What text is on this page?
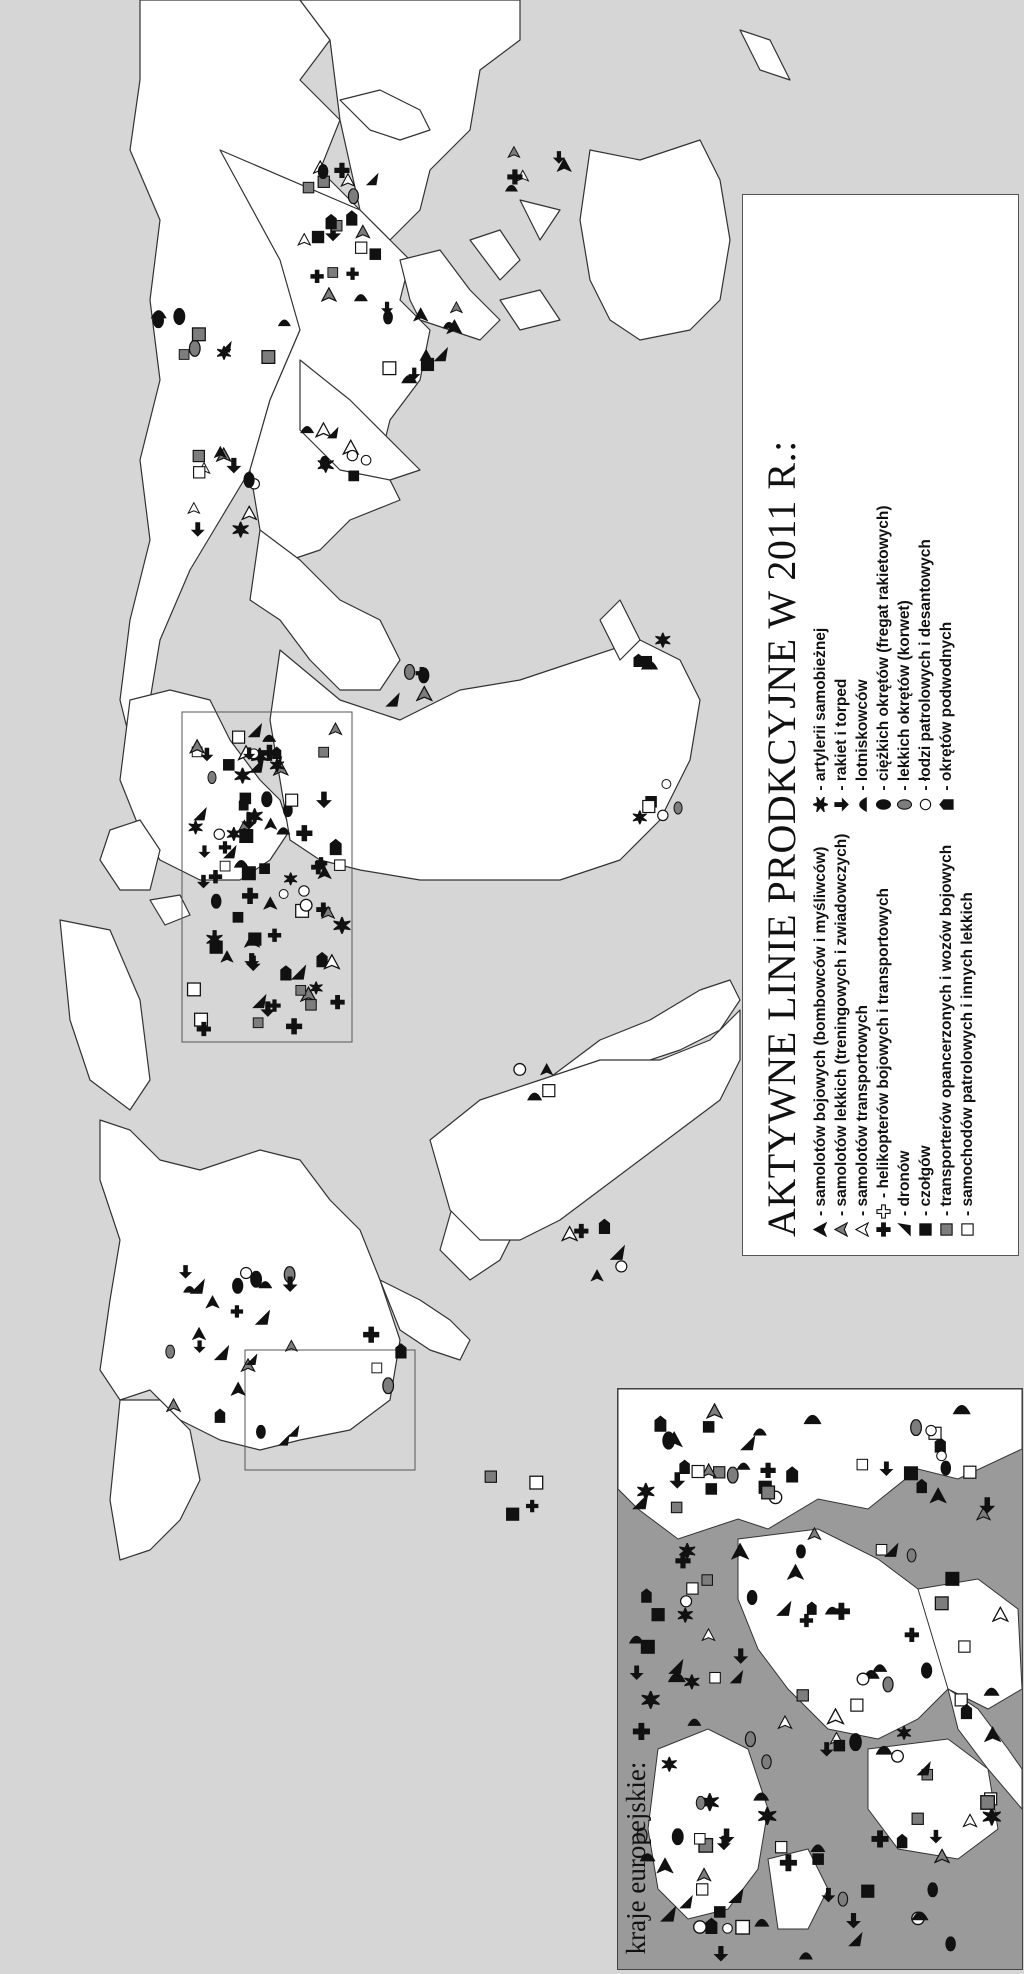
AKTYWNE LINIE PRODKCYJNE W 2011 R.: - samolotów bojowych (bombowców i myśliwców) - samolotów lekkich (treningowych i zwiadowczych) - samolotów transportowych - helikopterów bojowych i transportowych - dronów - czołgów - transporterów opancerzonych i wozów bojowych - samochodów patrolowych i innych lekkich
- artylerii samobieżnej - rakiet i torped - lotniskowców - ciężkich okrętów (fregat rakietowych) - lekkich okrętów (korwet) - łodzi patrolowych i desantowych - okrętów podwodnych
kraje europejskie:
